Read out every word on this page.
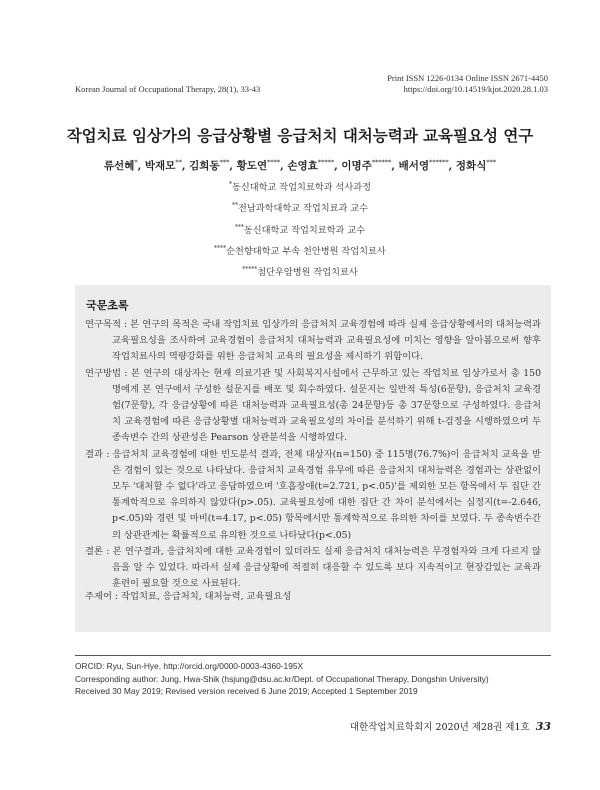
Print ISSN 1226-0134 Online ISSN 2671-4450
Korean Journal of Occupational Therapy, 28(1), 33-43	https://doi.org/10.14519/kjot.2020.28.1.03
작업치료 임상가의 응급상황별 응급처치 대처능력과 교육필요성 연구
류선혜*, 박재모**, 김희동***, 황도연****, 손영효*****, 이명주******, 배서영******, 정화식***
*동신대학교 작업치료학과 석사과정
**전남과학대학교 작업치료과 교수
***동신대학교 작업치료학과 교수
****순천향대학교 부속 천안병원 작업치료사
*****첨단우암병원 작업치료사
국문초록

연구목적 : 본 연구의 목적은 국내 작업치료 임상가의 응급처치 교육경험에 따라 실제 응급상황에서의 대처능력과 교육필요성을 조사하여 교육경험이 응급처치 대처능력과 교육필요성에 미치는 영향을 알아봄으로써 향후 작업치료사의 역량강화를 위한 응급처치 교육의 필요성을 제시하기 위함이다.

연구방법 : 본 연구의 대상자는 현재 의료기관 및 사회복지시설에서 근무하고 있는 작업치료 임상가로서 총 150명에게 본 연구에서 구성한 설문지를 배포 및 회수하였다. 설문지는 일반적 특성(6문항), 응급처치 교육경험(7문항), 각 응급상황에 따른 대처능력과 교육필요성(총 24문항)등 총 37문항으로 구성하였다. 응급처치 교육경험에 따른 응급상황별 대처능력과 교육필요성의 차이를 분석하기 위해 t-검정을 시행하였으며 두 종속변수 간의 상관성은 Pearson 상관분석을 시행하였다.

결과 : 응급처치 교육경험에 대한 빈도분석 결과, 전체 대상자(n=150) 중 115명(76.7%)이 응급처치 교육을 받은 경험이 있는 것으로 나타났다. 응급처치 교육경험 유무에 따른 응급처치 대처능력은 경험과는 상관없이 모두 '대처할 수 없다'라고 응답하였으며 '호흡장애(t=2.721, p<.05)'를 제외한 모든 항목에서 두 집단 간 통계학적으로 유의하지 않았다(p>.05). 교육필요성에 대한 집단 간 차이 분석에서는 심정지(t=-2.646, p<.05)와 경련 및 마비(t=4.17, p<.05) 항목에서만 통계학적으로 유의한 차이를 보였다. 두 종속변수간의 상관관계는 확률적으로 유의한 것으로 나타났다(p<.05)

결론 : 본 연구결과, 응급처치에 대한 교육경험이 있더라도 실제 응급처치 대처능력은 무경험자와 크게 다르지 않음을 알 수 있었다. 따라서 실제 응급상황에 적절히 대응할 수 있도록 보다 지속적이고 현장감있는 교육과 훈련이 필요할 것으로 사료된다.

주제어 : 작업치료, 응급처치, 대처능력, 교육필요성
ORCID: Ryu, Sun-Hye, http://orcid.org/0000-0003-4360-195X
Corresponding author: Jung, Hwa-Shik (hsjung@dsu.ac.kr/Dept. of Occupational Therapy, Dongshin University)
Received 30 May 2019; Revised version received 6 June 2019; Accepted 1 September 2019
대한작업치료학회지 2020년 제28권 제1호 33
